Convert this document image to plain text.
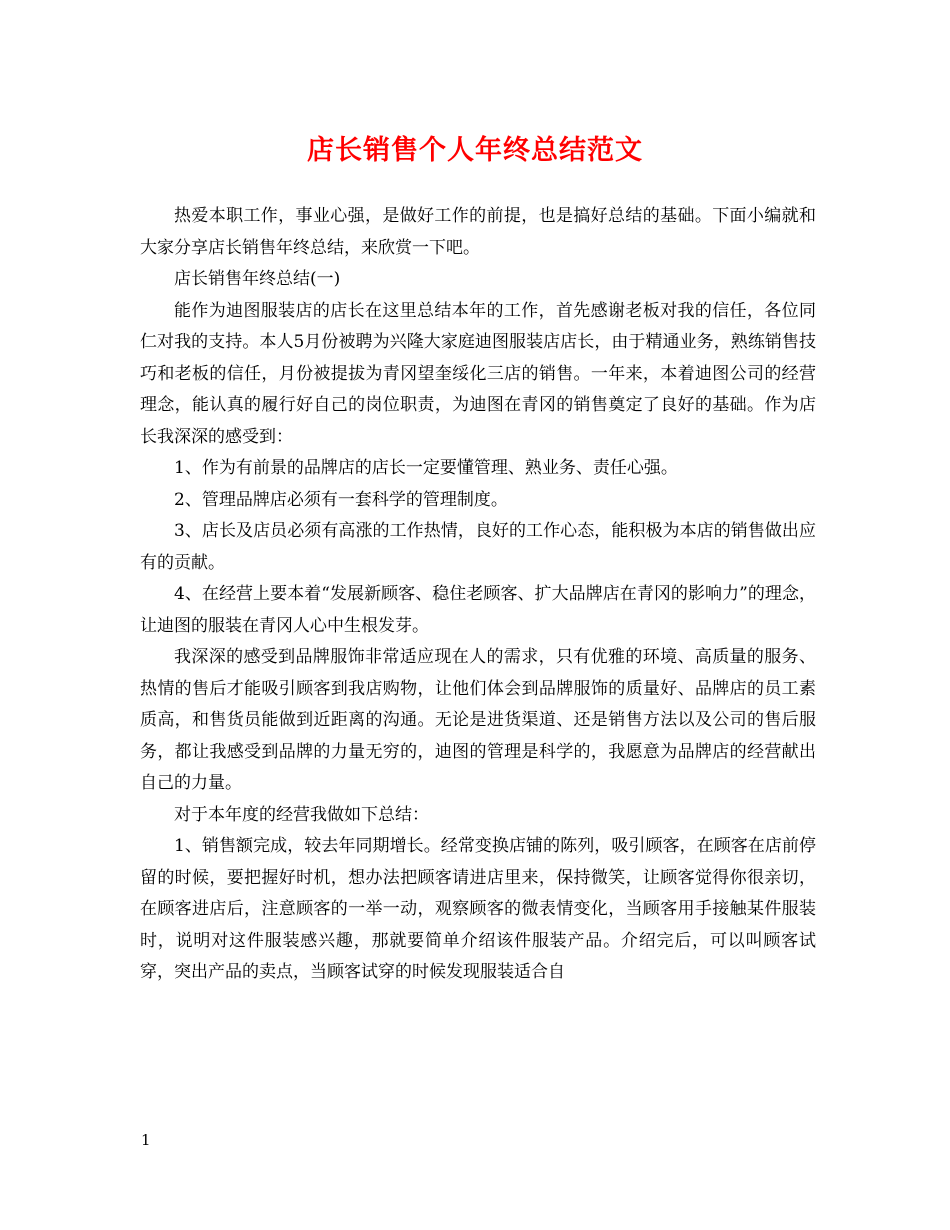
店长销售个人年终总结范文

热爱本职工作，事业心强，是做好工作的前提，也是搞好总结的基础。下面小编就和大家分享店长销售年终总结，来欣赏一下吧。

店长销售年终总结(一)

能作为迪图服装店的店长在这里总结本年的工作，首先感谢老板对我的信任，各位同仁对我的支持。本人5月份被聘为兴隆大家庭迪图服装店店长，由于精通业务，熟练销售技巧和老板的信任，月份被提拔为青冈望奎绥化三店的销售。一年来，本着迪图公司的经营理念，能认真的履行好自己的岗位职责，为迪图在青冈的销售奠定了良好的基础。作为店长我深深的感受到：

1、作为有前景的品牌店的店长一定要懂管理、熟业务、责任心强。

2、管理品牌店必须有一套科学的管理制度。

3、店长及店员必须有高涨的工作热情，良好的工作心态，能积极为本店的销售做出应有的贡献。

4、在经营上要本着“发展新顾客、稳住老顾客、扩大品牌店在青冈的影响力”的理念，让迪图的服装在青冈人心中生根发芽。

我深深的感受到品牌服饰非常适应现在人的需求，只有优雅的环境、高质量的服务、热情的售后才能吸引顾客到我店购物，让他们体会到品牌服饰的质量好、品牌店的员工素质高，和售货员能做到近距离的沟通。无论是进货渠道、还是销售方法以及公司的售后服务，都让我感受到品牌的力量无穷的，迪图的管理是科学的，我愿意为品牌店的经营献出自己的力量。

对于本年度的经营我做如下总结：

1、销售额完成，较去年同期增长。经常变换店铺的陈列，吸引顾客，在顾客在店前停留的时候，要把握好时机，想办法把顾客请进店里来，保持微笑，让顾客觉得你很亲切，在顾客进店后，注意顾客的一举一动，观察顾客的微表情变化，当顾客用手接触某件服装时，说明对这件服装感兴趣，那就要简单介绍该件服装产品。介绍完后，可以叫顾客试穿，突出产品的卖点，当顾客试穿的时候发现服装适合自

1
